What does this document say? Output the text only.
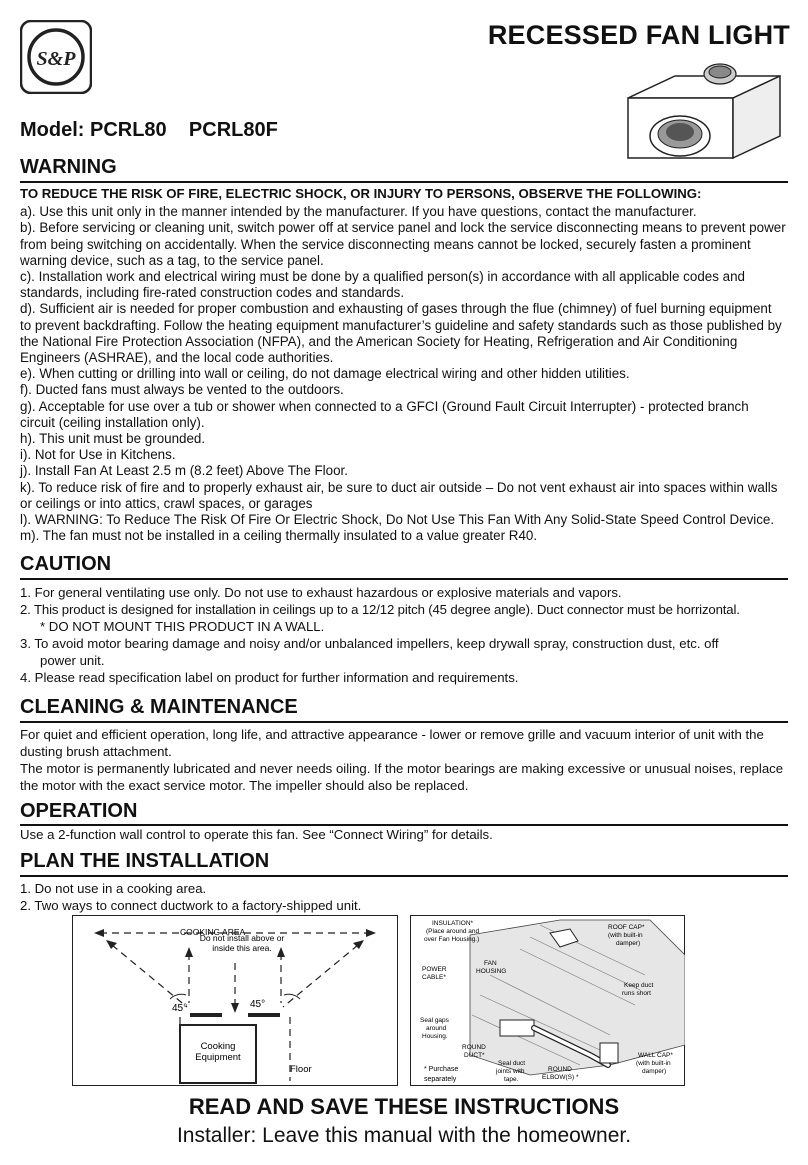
S&P
RECESSED FAN LIGHT
Model: PCRL80    PCRL80F
WARNING

TO REDUCE THE RISK OF FIRE, ELECTRIC SHOCK, OR INJURY TO PERSONS, OBSERVE THE FOLLOWING:

a). Use this unit only in the manner intended by the manufacturer. If you have questions, contact the manufacturer.

b). Before servicing or cleaning unit, switch power off at service panel and lock the service disconnecting means to prevent power from being switching on accidentally. When the service disconnecting means cannot be locked, securely fasten a prominent warning device, such as a tag, to the service panel.

c). Installation work and electrical wiring must be done by a qualified person(s) in accordance with all applicable codes and standards, including fire-rated construction codes and standards.

d). Sufficient air is needed for proper combustion and exhausting of gases through the flue (chimney) of fuel burning equipment to prevent backdrafting. Follow the heating equipment manufacturer’s guideline and safety standards such as those published by the National Fire Protection Association (NFPA), and the American Society for Heating, Refrigeration and Air Conditioning Engineers (ASHRAE), and the local code authorities.

e). When cutting or drilling into wall or ceiling, do not damage electrical wiring and other hidden utilities.

f). Ducted fans must always be vented to the outdoors.

g). Acceptable for use over a tub or shower when connected to a GFCI (Ground Fault Circuit Interrupter) - protected branch circuit (ceiling installation only).

h). This unit must be grounded.

i). Not for Use in Kitchens.

j). Install Fan At Least 2.5 m (8.2 feet) Above The Floor.

k). To reduce risk of fire and to properly exhaust air, be sure to duct air outside – Do not vent exhaust air into spaces within walls or ceilings or into attics, crawl spaces, or garages

l). WARNING: To Reduce The Risk Of Fire Or Electric Shock, Do Not Use This Fan With Any Solid-State Speed Control Device.

m). The fan must not be installed in a ceiling thermally insulated to a value greater R40.

CAUTION

1. For general ventilating use only. Do not use to exhaust hazardous or explosive materials and vapors.

2. This product is designed for installation in ceilings up to a 12/12 pitch (45 degree angle). Duct connector must be horrizontal.

* DO NOT MOUNT THIS PRODUCT IN A WALL.

3. To avoid motor bearing damage and noisy and/or unbalanced impellers, keep drywall spray, construction dust, etc. off

power unit.

4. Please read specification label on product for further information and requirements.

CLEANING & MAINTENANCE

For quiet and efficient operation, long life, and attractive appearance - lower or remove grille and vacuum interior of unit with the dusting brush attachment.

The motor is permanently lubricated and never needs oiling. If the motor bearings are making excessive or unusual noises, replace the motor with the exact service motor. The impeller should also be replaced.

OPERATION

Use a 2-function wall control to operate this fan. See “Connect Wiring” for details.

PLAN THE INSTALLATION

1. Do not use in a cooking area.

2. Two ways to connect ductwork to a factory-shipped unit.

COOKING AREA
Do not install above or
inside this area.
45°	45°
Cooking
Equipment
Floor
INSULATION*
(Place around and
over Fan Housing.)
FAN
HOUSING
POWER
CABLE*
Seal gaps
around
Housing.
ROUND
DUCT*
Seal duct
joints with
tape.
* Purchase
separately
ROUND
ELBOW(S) *
ROOF CAP*
(with built-in
damper)
Keep duct
runs short
WALL CAP*
(with built-in
damper)
READ AND SAVE THESE INSTRUCTIONS
Installer: Leave this manual with the homeowner.
